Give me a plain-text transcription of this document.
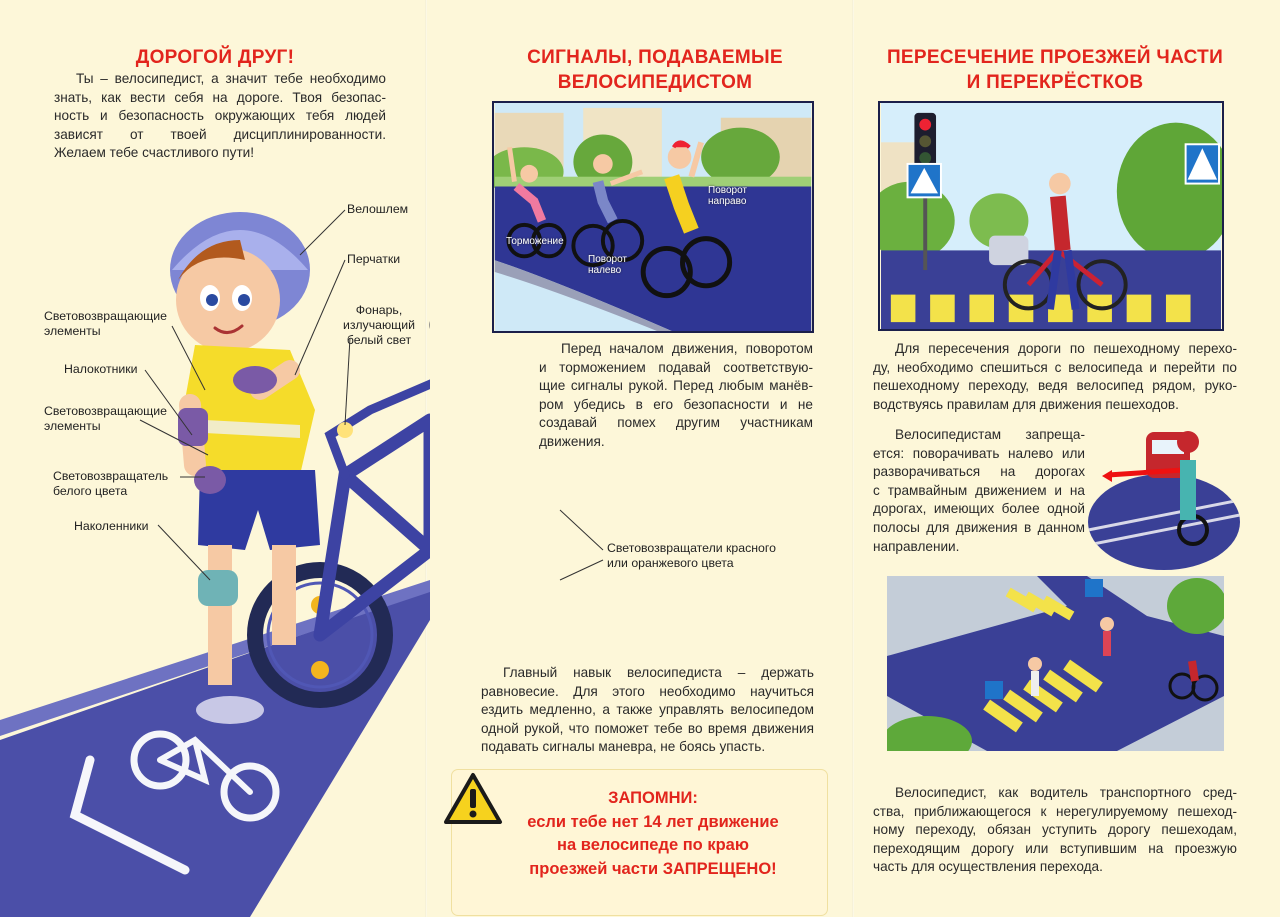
ДОРОГОЙ ДРУГ!
Ты – велосипедист, а значит тебе необходимо
знать, как вести себя на дороге. Твоя безопас-
ность и безопасность окружающих тебя людей
зависят от твоей дисциплинированности.
Желаем тебе счастливого пути!
Велошлем
Перчатки
Фонарь,
излучающий
белый свет
Световозвращающие
элементы
Налокотники
Световозвращающие
элементы
Световозвращатель
белого цвета
Наколенники
СИГНАЛЫ, ПОДАВАЕМЫЕ
ВЕЛОСИПЕДИСТОМ
Торможение
Поворот
налево
Поворот
направо
Перед началом движения, поворотом
и торможением подавай соответствую-
щие сигналы рукой. Перед любым манёв-
ром убедись в его безопасности и не
создавай помех другим участникам
движения.
Световозвращатели красного
или оранжевого цвета
Главный навык велосипедиста – держать
равновесие. Для этого необходимо научиться
ездить медленно, а также управлять велосипедом
одной рукой, что поможет тебе во время движения
подавать сигналы маневра, не боясь упасть.
ЗАПОМНИ:
если тебе нет 14 лет движение
на велосипеде по краю
проезжей части ЗАПРЕЩЕНО!
ПЕРЕСЕЧЕНИЕ ПРОЕЗЖЕЙ ЧАСТИ
И ПЕРЕКРЁСТКОВ
Для пересечения дороги по пешеходному перехо-
ду, необходимо спешиться с велосипеда и перейти по
пешеходному переходу, ведя велосипед рядом, руко-
водствуясь правилам для движения пешеходов.
Велосипедистам запреща-
ется: поворачивать налево или
разворачиваться на дорогах
с трамвайным движением и на
дорогах, имеющих более одной
полосы для движения в данном
направлении.
Велосипедист, как водитель транспортного сред-
ства, приближающегося к нерегулируемому пешеход-
ному переходу, обязан уступить дорогу пешеходам,
переходящим дорогу или вступившим на проезжую
часть для осуществления перехода.
